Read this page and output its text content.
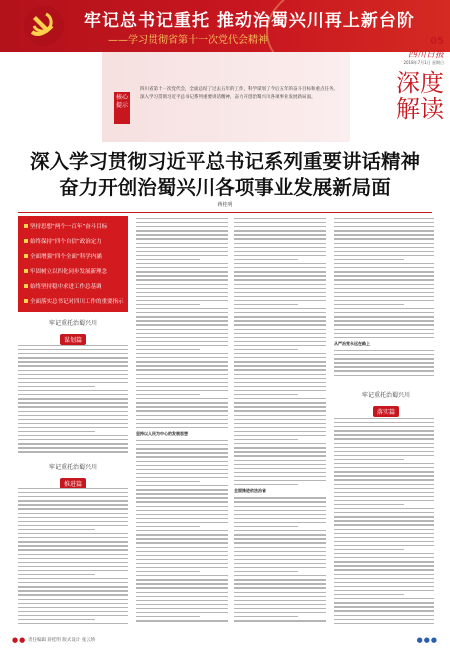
牢记总书记重托 推动治蜀兴川再上新台阶
——学习贯彻省第十一次党代会精神	05
四川日报
2018年7月1日 星期日
深度
解读
核心
提示
四川省第十一次党代会，全面总结了过去五年的工作，科学谋划了今后五年的奋斗目标和重点任务。深入学习贯彻习近平总书记系列重要讲话精神，奋力开创治蜀兴川各项事业发展新局面。
深入学习贯彻习近平总书记系列重要讲话精神
奋力开创治蜀兴川各项事业发展新局面
蒋桂明
坚持思想“两个一百年”奋斗目标
始终保持“四个自信”政治定力
全面增强“四个全面”科学内涵
牢固树立以四化同步发展新理念
始终坚持稳中求进工作总基调
全面落实总书记对四川工作的重要指示
牢记重托治蜀兴川
谋划篇
牢记重托治蜀兴川
推进篇
牢记重托治蜀兴川
落实篇
坚持以人民为中心的发展思想
全面推进依法治省
从严治党永远在路上
●● 责任编辑 蒋桂明 版式设计 张云娇	●●●
